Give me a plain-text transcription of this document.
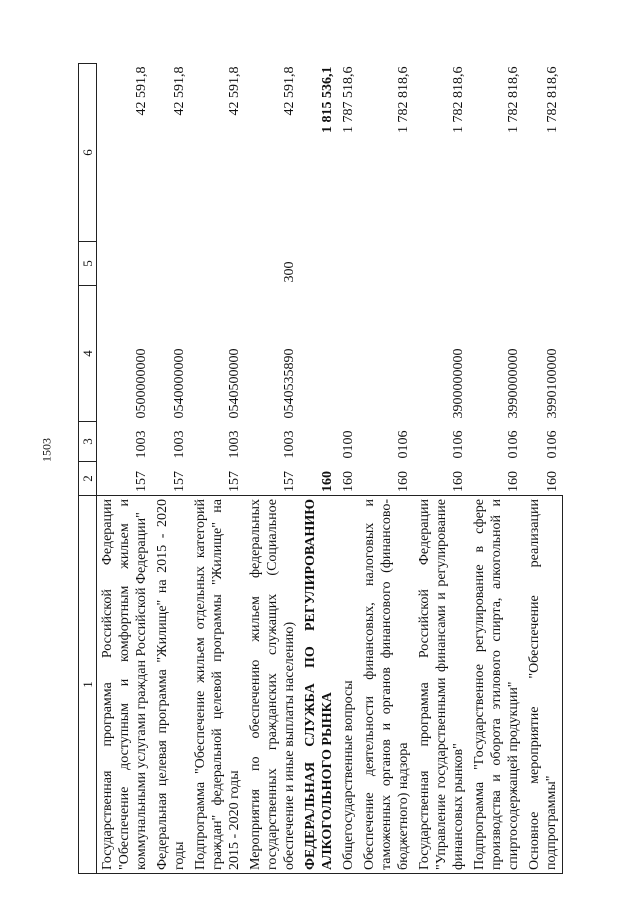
1503
1	2	3	4	5	6
Государственная программа Российской Федерации "Обеспечение доступным и комфортным жильем и коммунальными услугами граждан Российской Федерации"	157	1003	0500000000		42 591,8
Федеральная целевая программа "Жилище" на 2015 - 2020 годы	157	1003	0540000000		42 591,8
Подпрограмма "Обеспечение жильем отдельных категорий граждан" федеральной целевой программы "Жилище" на 2015 - 2020 годы	157	1003	0540500000		42 591,8
Мероприятия по обеспечению жильем федеральных государственных гражданских служащих (Социальное обеспечение и иные выплаты населению)	157	1003	0540535890	300	42 591,8
ФЕДЕРАЛЬНАЯ СЛУЖБА ПО РЕГУЛИРОВАНИЮ АЛКОГОЛЬНОГО РЫНКА	160				1 815 536,1
Общегосударственные вопросы	160	0100			1 787 518,6
Обеспечение деятельности финансовых, налоговых и таможенных органов и органов финансового (финансово-бюджетного) надзора	160	0106			1 782 818,6
Государственная программа Российской Федерации "Управление государственными финансами и регулирование финансовых рынков"	160	0106	3900000000		1 782 818,6
Подпрограмма "Государственное регулирование в сфере производства и оборота этилового спирта, алкогольной и спиртосодержащей продукции"	160	0106	3990000000		1 782 818,6
Основное мероприятие "Обеспечение реализации подпрограммы"	160	0106	3990100000		1 782 818,6
